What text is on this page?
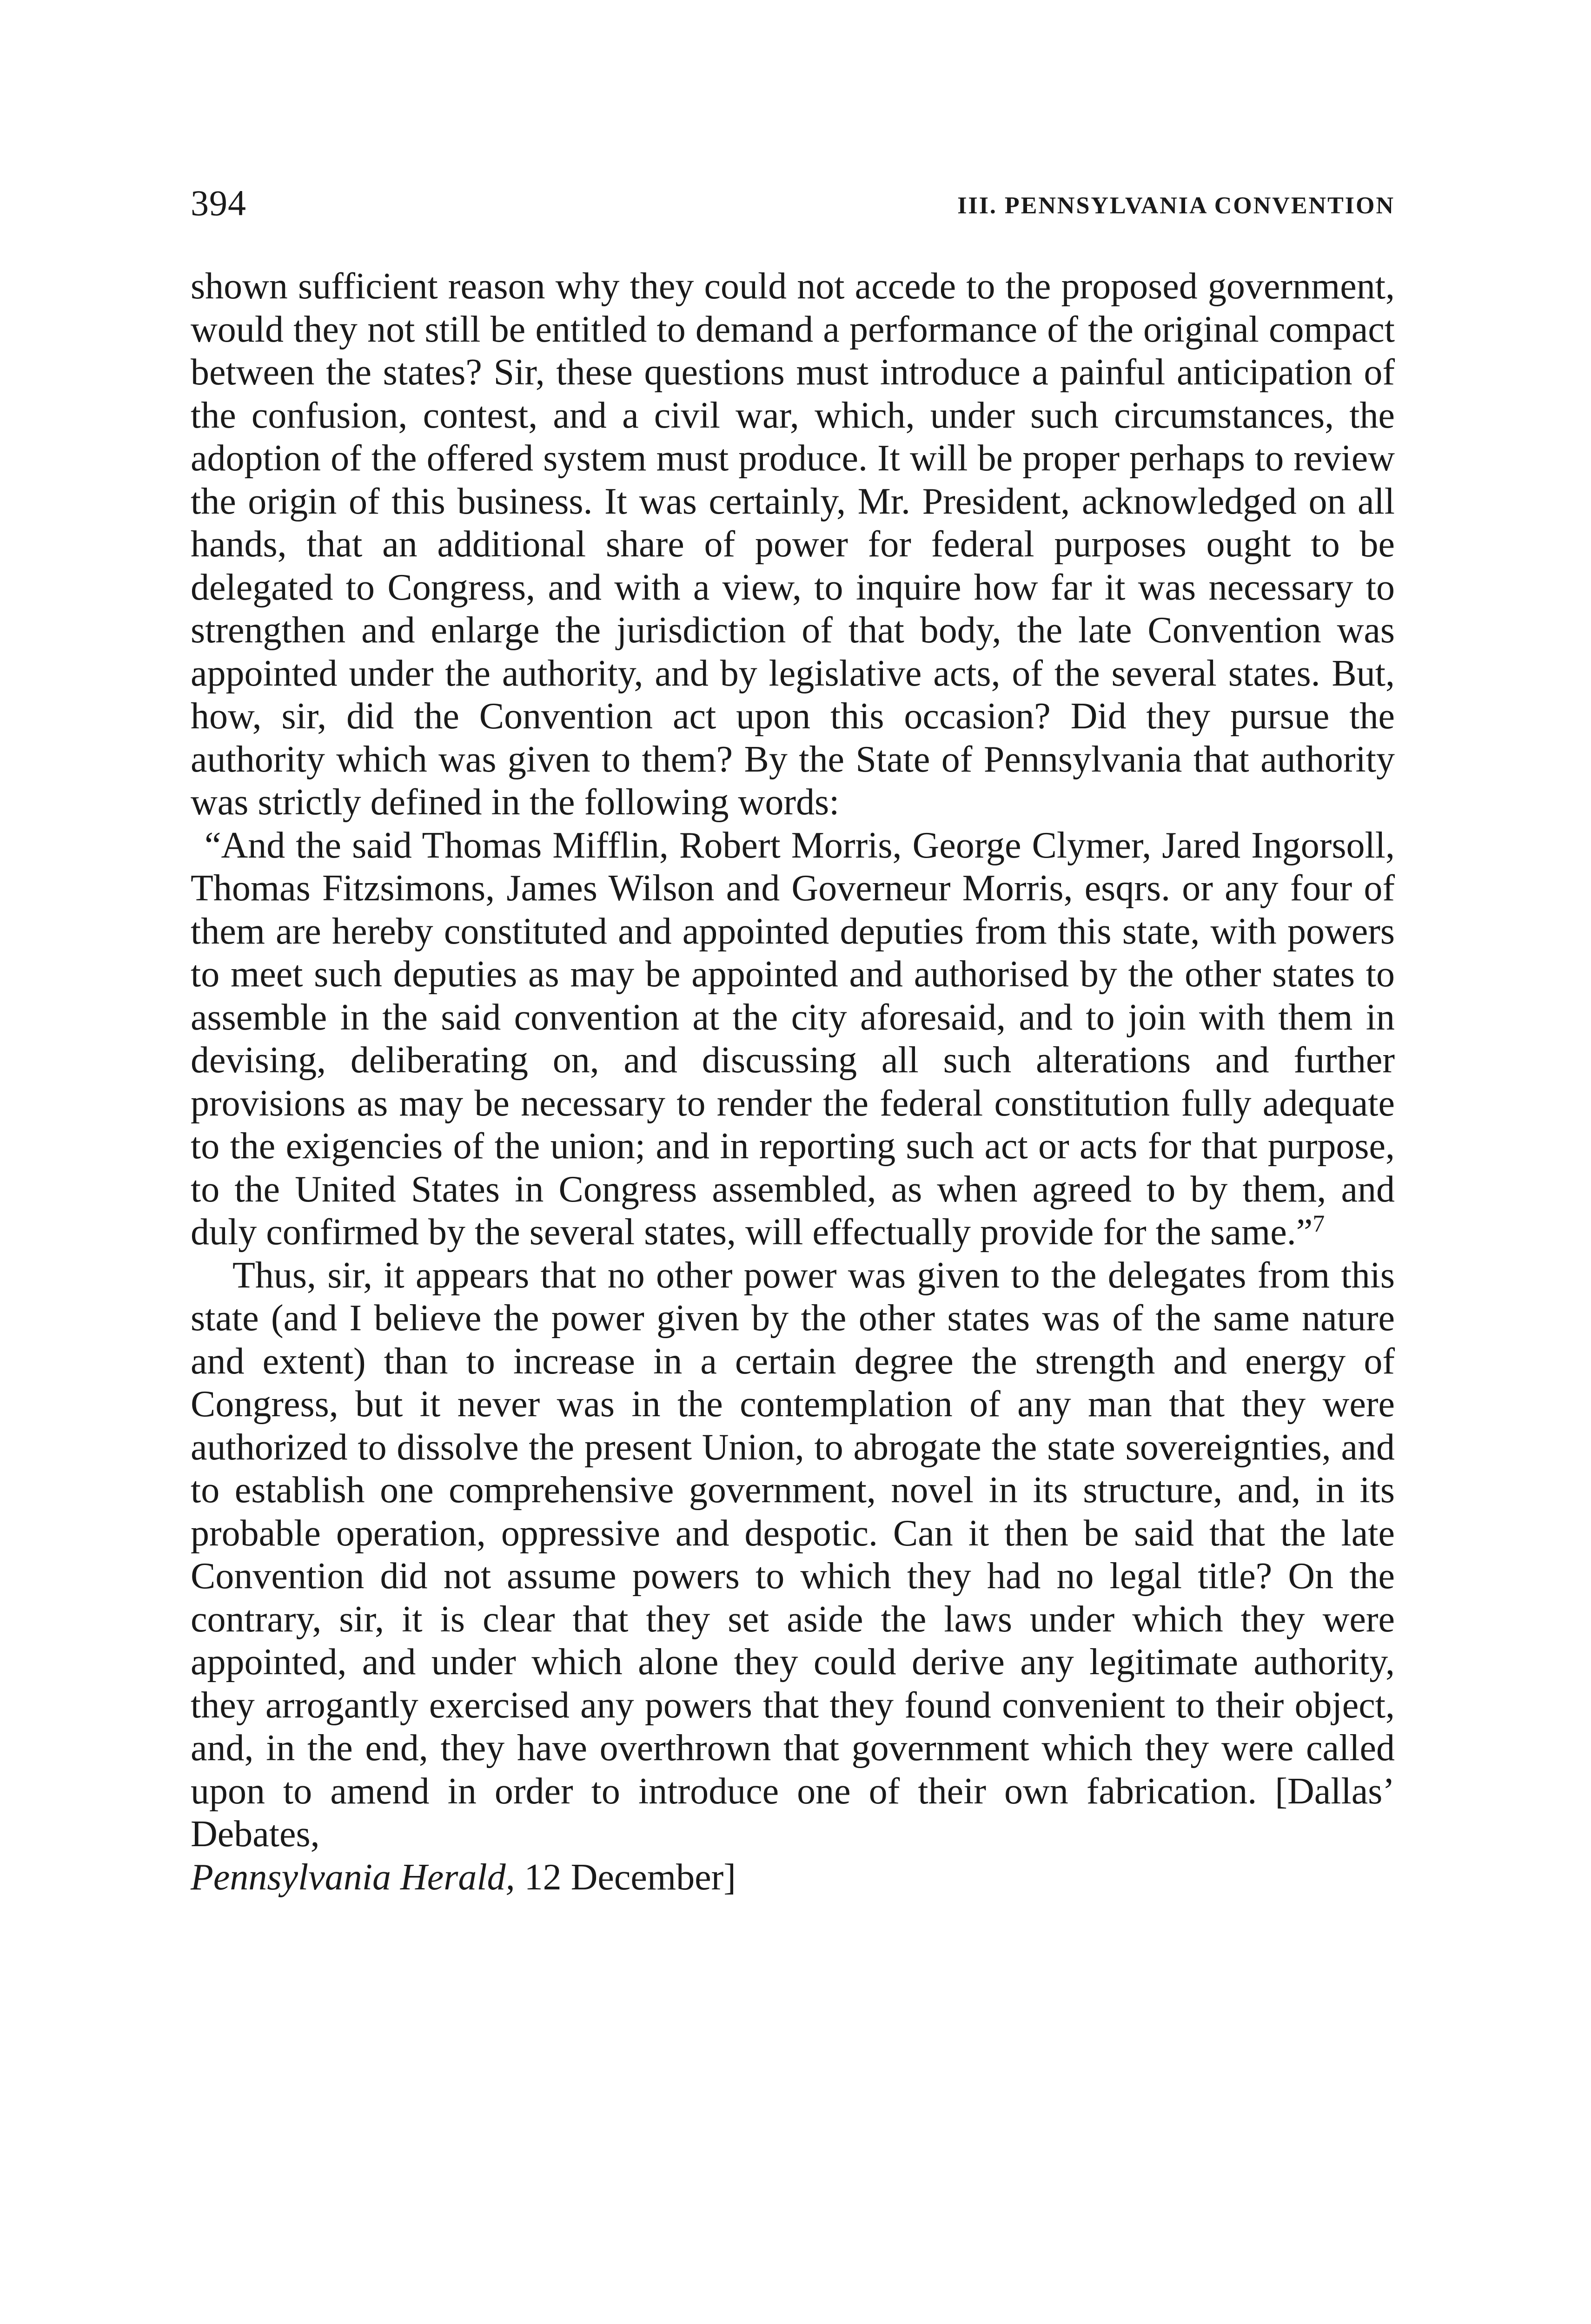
394	III. PENNSYLVANIA CONVENTION

shown sufficient reason why they could not accede to the proposed government, would they not still be entitled to demand a performance of the original compact between the states? Sir, these questions must introduce a painful anticipation of the confusion, contest, and a civil war, which, under such circumstances, the adoption of the offered system must produce. It will be proper perhaps to review the origin of this business. It was certainly, Mr. President, acknowledged on all hands, that an additional share of power for federal purposes ought to be delegated to Congress, and with a view, to inquire how far it was necessary to strengthen and enlarge the jurisdiction of that body, the late Convention was appointed under the authority, and by legislative acts, of the several states. But, how, sir, did the Convention act upon this occasion? Did they pursue the authority which was given to them? By the State of Pennsylvania that authority was strictly defined in the following words:

“And the said Thomas Mifflin, Robert Morris, George Clymer, Jared Ingorsoll, Thomas Fitzsimons, James Wilson and Governeur Morris, esqrs. or any four of them are hereby constituted and appointed deputies from this state, with powers to meet such deputies as may be appointed and authorised by the other states to assemble in the said convention at the city aforesaid, and to join with them in devising, deliberating on, and discussing all such alterations and further provisions as may be necessary to render the federal constitution fully adequate to the exigencies of the union; and in reporting such act or acts for that purpose, to the United States in Congress assembled, as when agreed to by them, and duly confirmed by the several states, will effectually provide for the same.”$^7$

Thus, sir, it appears that no other power was given to the delegates from this state (and I believe the power given by the other states was of the same nature and extent) than to increase in a certain degree the strength and energy of Congress, but it never was in the contemplation of any man that they were authorized to dissolve the present Union, to abrogate the state sovereignties, and to establish one comprehensive government, novel in its structure, and, in its probable operation, oppressive and despotic. Can it then be said that the late Convention did not assume powers to which they had no legal title? On the contrary, sir, it is clear that they set aside the laws under which they were appointed, and under which alone they could derive any legitimate authority, they arrogantly exercised any powers that they found convenient to their object, and, in the end, they have overthrown that government which they were called upon to amend in order to introduce one of their own fabrication. [Dallas’ Debates,

Pennsylvania Herald, 12 December]
